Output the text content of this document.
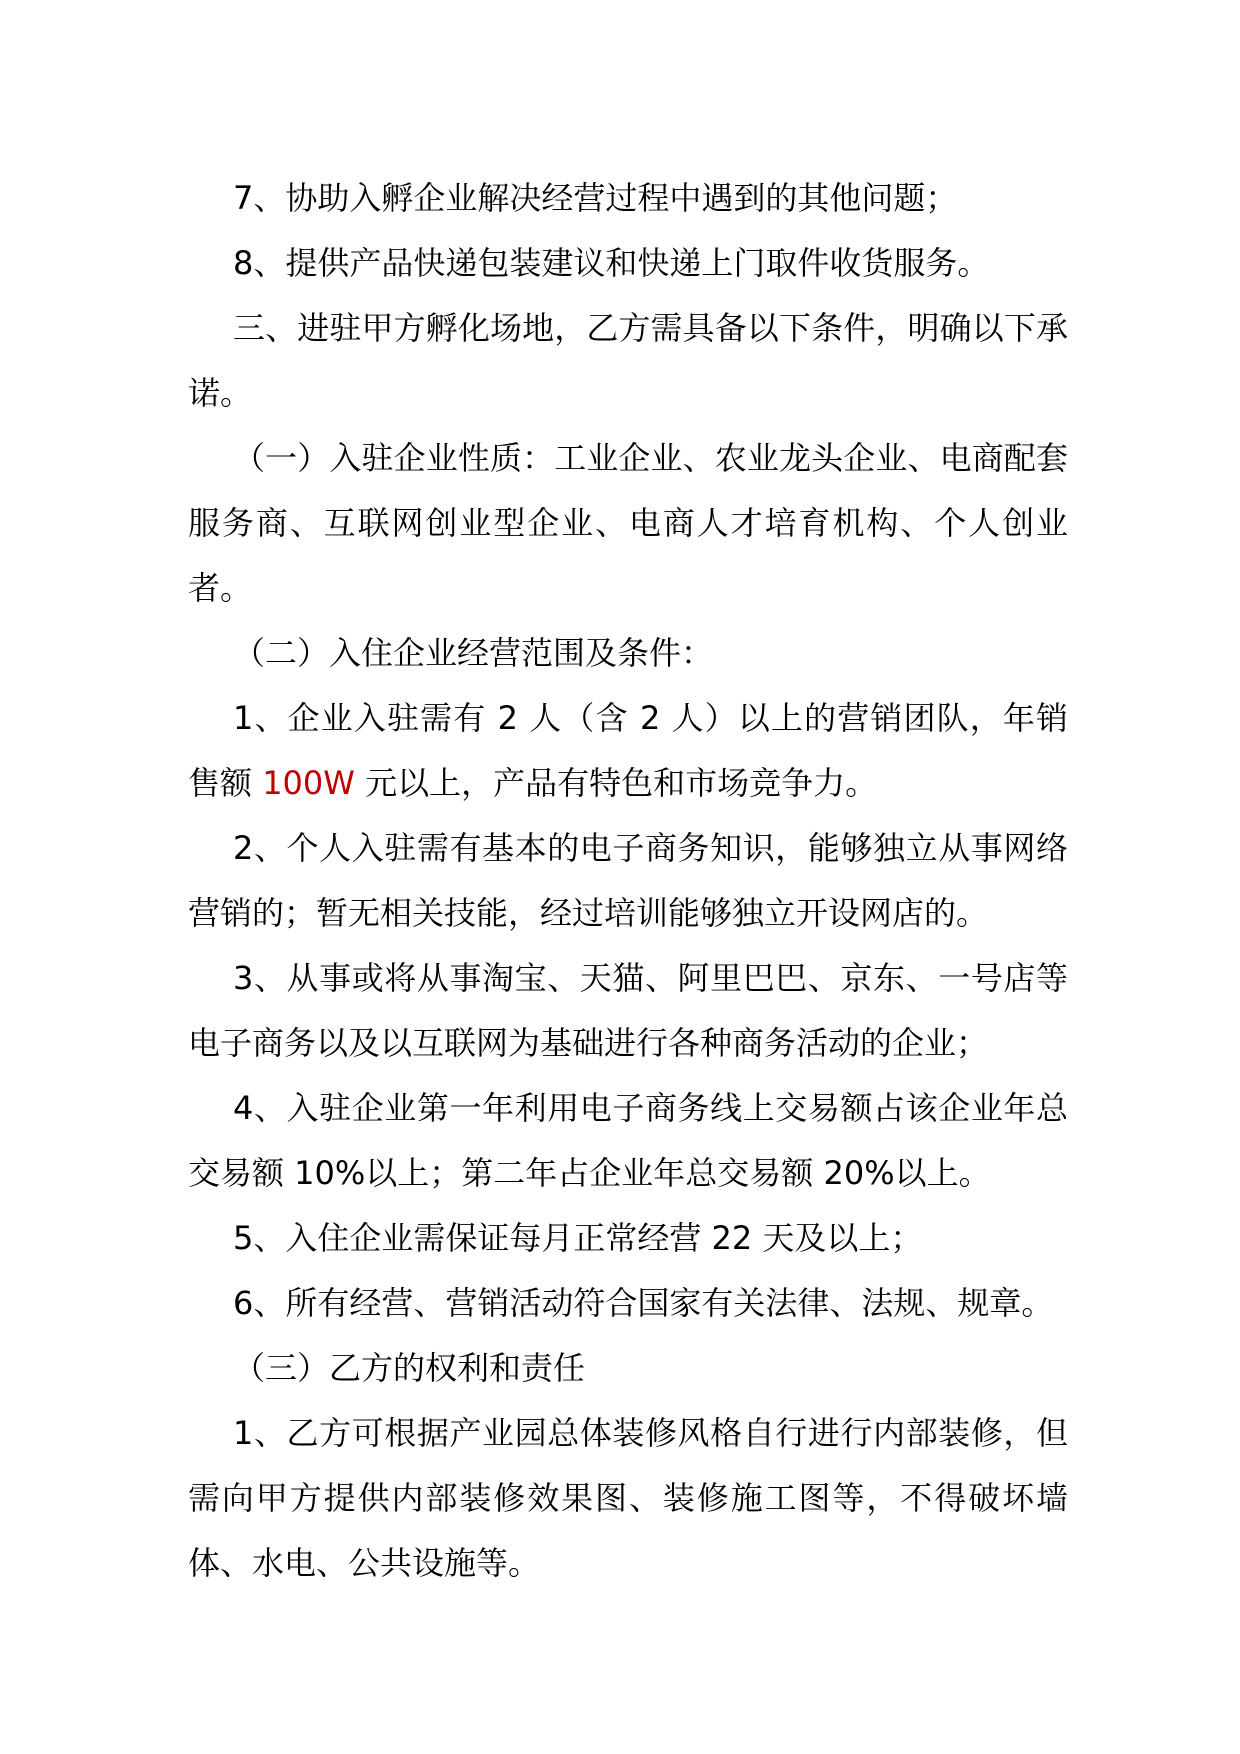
7、协助入孵企业解决经营过程中遇到的其他问题；

8、提供产品快递包装建议和快递上门取件收货服务。

三、进驻甲方孵化场地，乙方需具备以下条件，明确以下承诺。

（一）入驻企业性质：工业企业、农业龙头企业、电商配套服务商、互联网创业型企业、电商人才培育机构、个人创业者。

（二）入住企业经营范围及条件：

1、企业入驻需有 2 人（含 2 人）以上的营销团队，年销售额 100W 元以上，产品有特色和市场竞争力。

2、个人入驻需有基本的电子商务知识，能够独立从事网络营销的；暂无相关技能，经过培训能够独立开设网店的。

3、从事或将从事淘宝、天猫、阿里巴巴、京东、一号店等电子商务以及以互联网为基础进行各种商务活动的企业；

4、入驻企业第一年利用电子商务线上交易额占该企业年总交易额 10%以上；第二年占企业年总交易额 20%以上。

5、入住企业需保证每月正常经营 22 天及以上；

6、所有经营、营销活动符合国家有关法律、法规、规章。

（三）乙方的权利和责任

1、乙方可根据产业园总体装修风格自行进行内部装修，但需向甲方提供内部装修效果图、装修施工图等，不得破坏墙体、水电、公共设施等。
